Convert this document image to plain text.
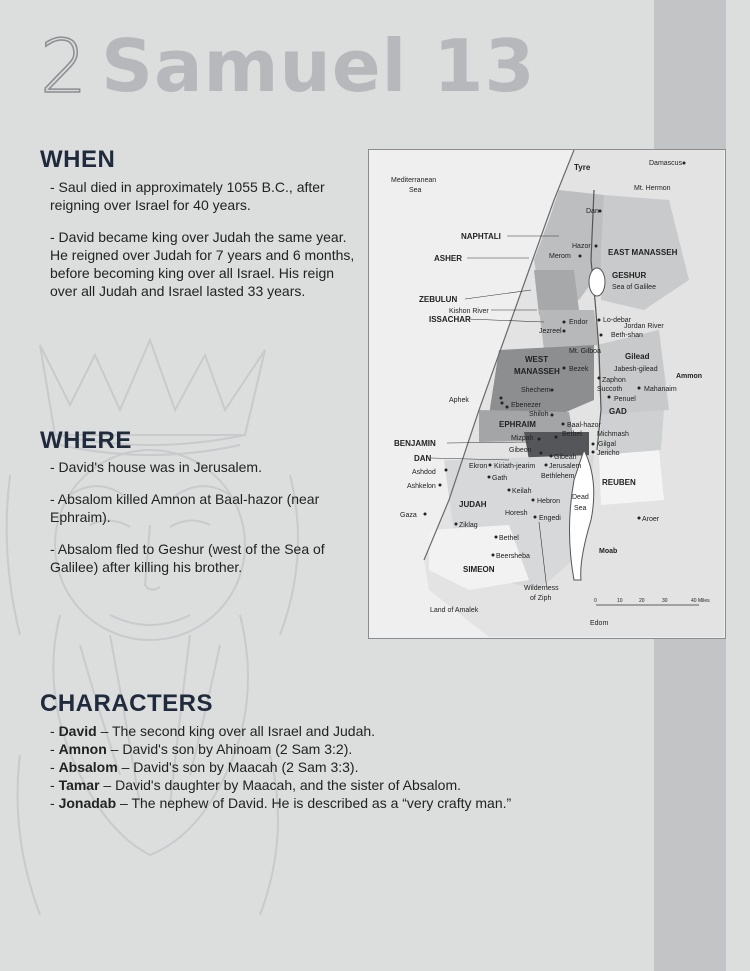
2 Samuel 13
WHEN

- Saul died in approximately 1055 B.C., after reigning over Israel for 40 years.

- David became king over Judah the same year. He reigned over Judah for 7 years and 6 months, before becoming king over all Israel. His reign over all Judah and Israel lasted 33 years.

WHERE

- David's house was in Jerusalem.

- Absalom killed Amnon at Baal-hazor (near Ephraim).

- Absalom fled to Geshur (west of the Sea of Galilee) after killing his brother.

CHARACTERS
- David – The second king over all Israel and Judah.
- Amnon – David's son by Ahinoam (2 Sam 3:2).
- Absalom – David's son by Maacah (2 Sam 3:3).
- Tamar – David's daughter by Maacah, and the sister of Absalom.
- Jonadab – The nephew of David. He is described as a “very crafty man.”
Mediterranean
Sea
Tyre	Damascus
Mt. Hermon
Dan
NAPHTALI
Hazor
EAST MANASSEH
ASHER	Merom
GESHUR
Sea of Galilee
ZEBULUN
Kishon River
ISSACHAR	Endor Lo-debar
Jordan River
Jezreel
Beth-shan
Mt. Gilboa
Gilead
WEST
MANASSEH Bezek	Jabesh-gilead
Ammon
Zaphon
Succoth	Mahanaim
Shechem
Penuel
Aphek
Ebenezer
GAD
Shiloh
EPHRAIM	Baal-hazor
Bethel Michmash
BENJAMIN
Mizpah
Gilgal
Gibeon	Jericho
Gibeah
DAN
Kiriath-jearim Jerusalem
Ekron
Bethlehem
Ashdod
Gath	REUBEN
Ashkelon
Keilah
JUDAH	Hebron
Dead
Sea
Horesh
Gaza	Engedi	Aroer
Ziklag
Bethel
Moab
Beersheba
SIMEON
Wilderness
of Ziph
Land of Amalek
Edom
0	10	20	30	40 Miles
